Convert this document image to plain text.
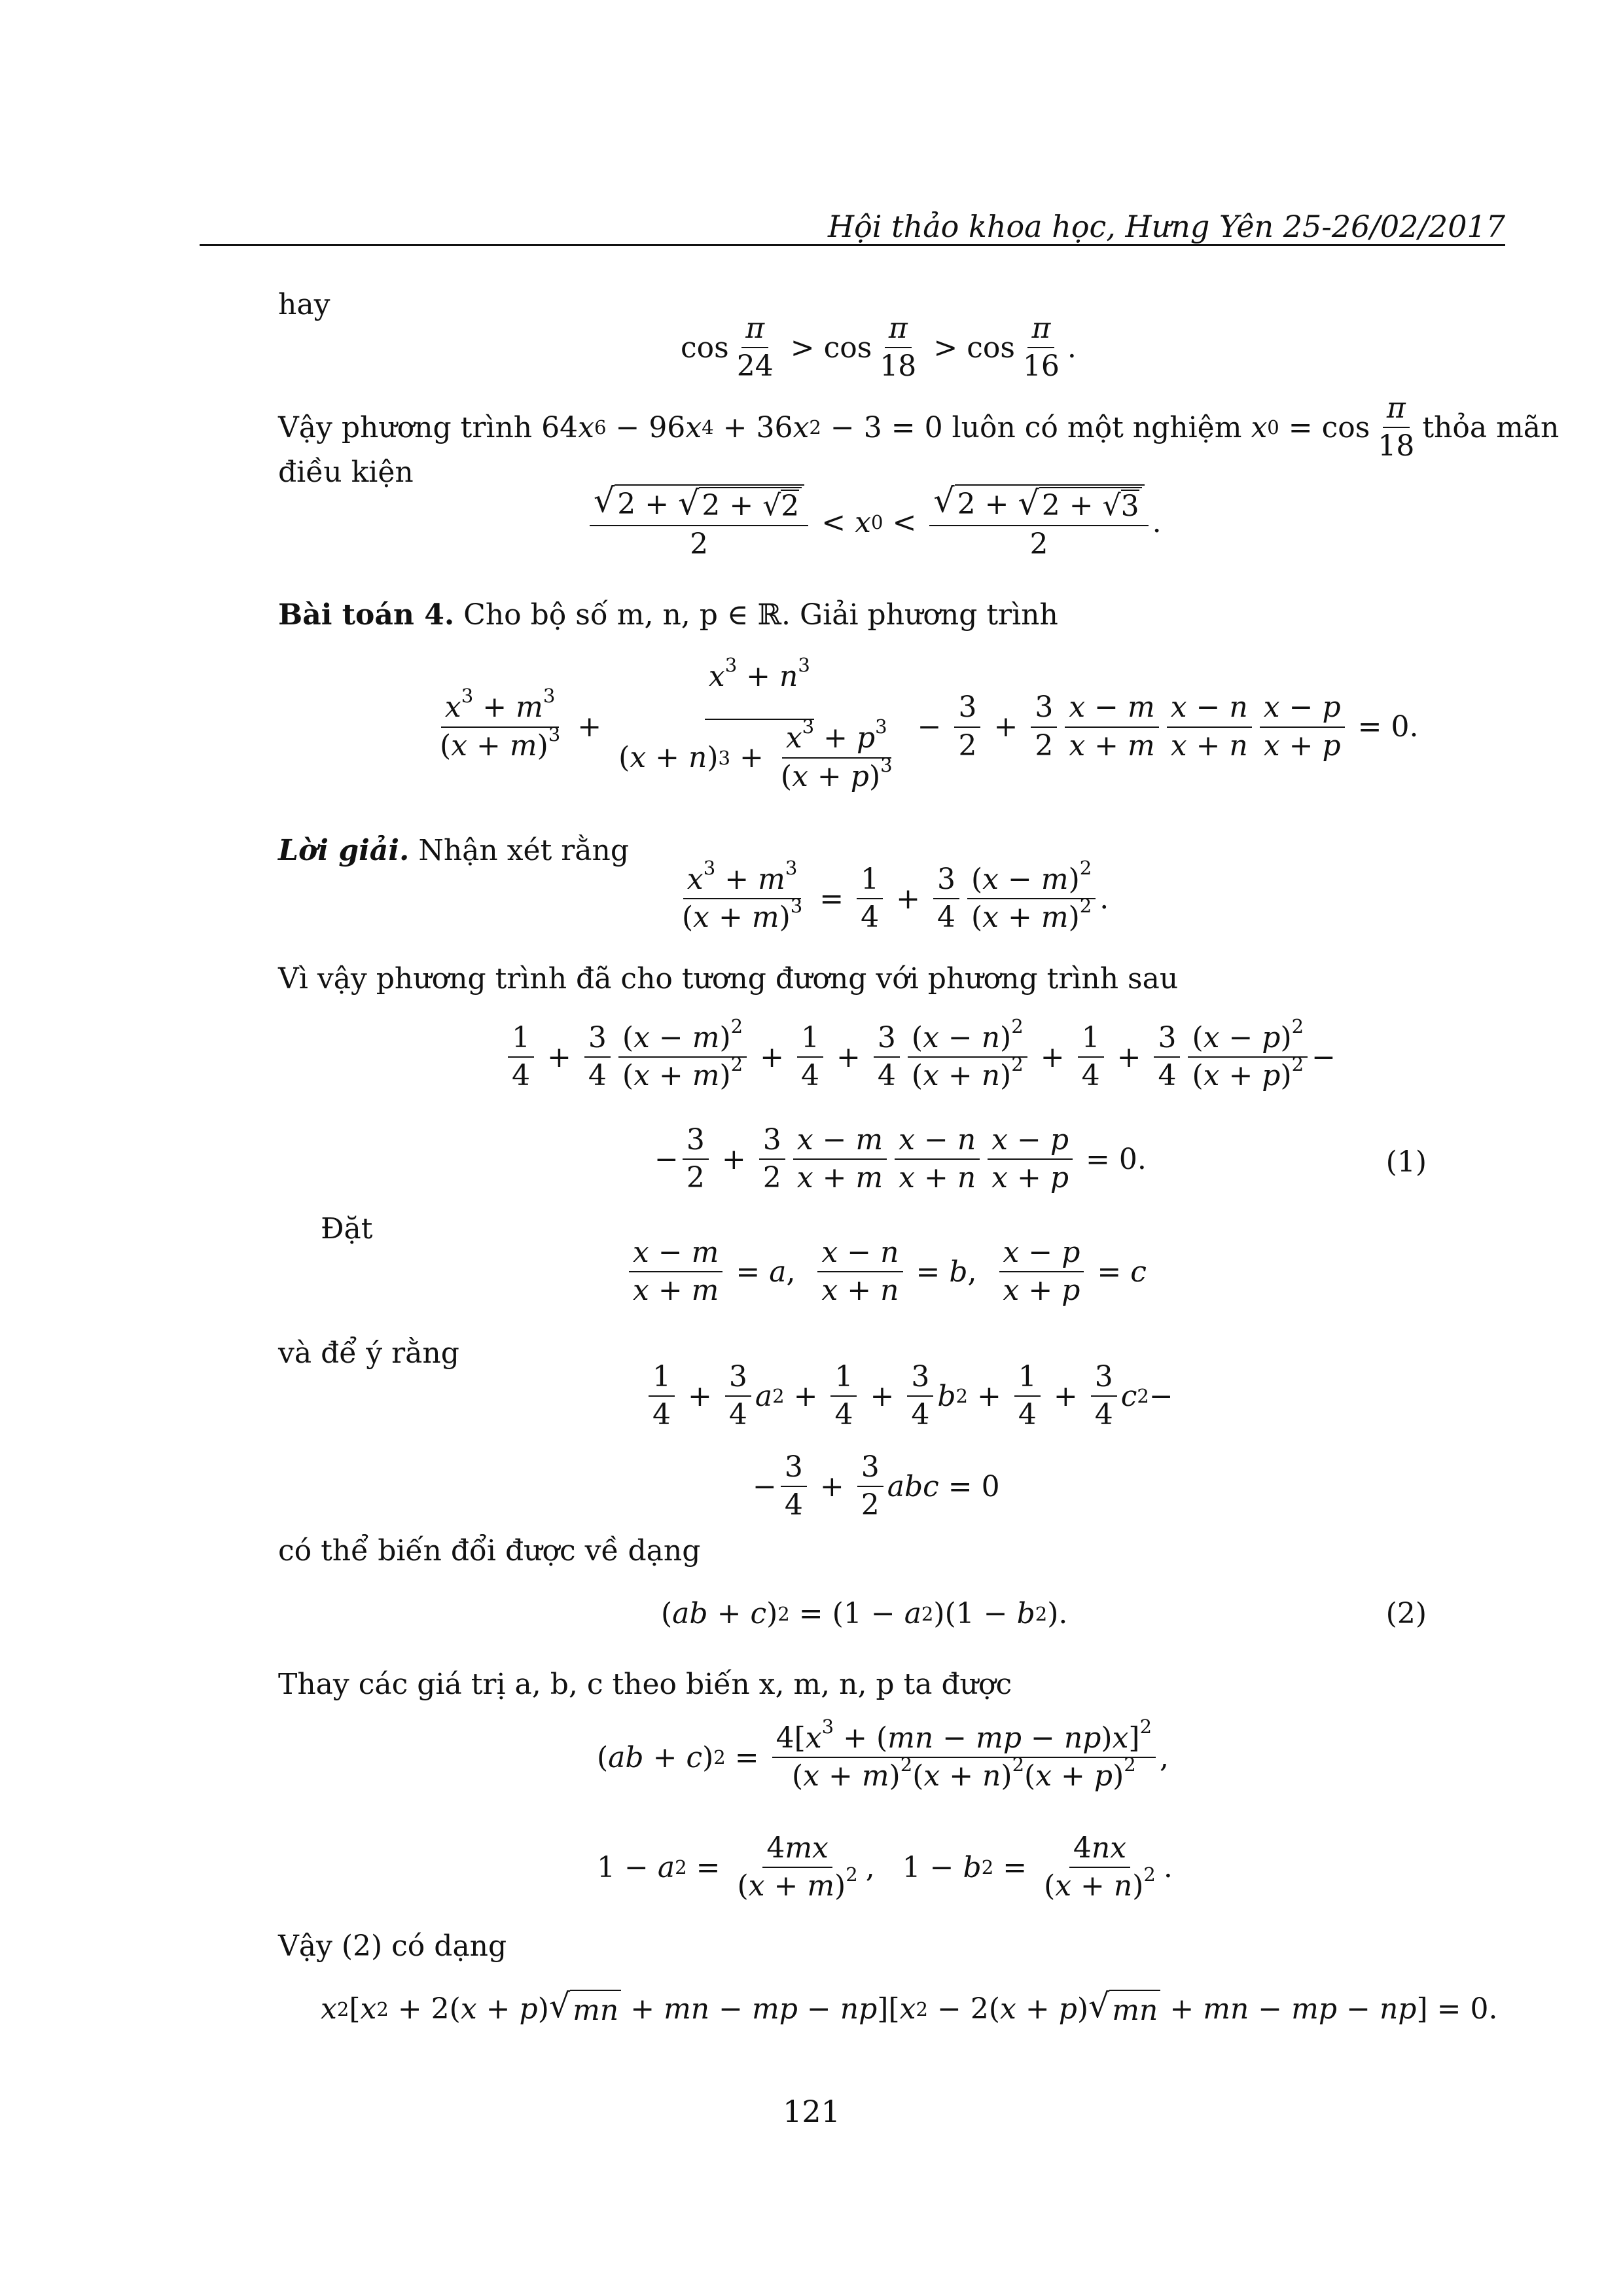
Hội thảo khoa học, Hưng Yên 25-26/02/2017
hay
$\cos \frac{\pi}{24} > \cos \frac{\pi}{18} > \cos \frac{\pi}{16}$ .
Vậy phương trình 64 x 6 − 96 x 4 + 36 x 2 − 3 = 0 luôn có một nghiệm
x $0 = \cos \frac{\pi}{18}$ thỏa mãn
điều kiện
$\frac{√ 2 + √ 2 + √ 2}{2} < x$ $0 < \frac{√ 2 + √ 2 + √ 3}{2}$ .
Bài toán 4. Cho bộ số m, n, p ∈ ℝ. Giải phương trình
$\frac{x^3 + m^3}{(x + m)^3} + \frac{x^3 + n^3}{( x + n ) 3 + \frac{x^3 + p^3}{(x + p)^3}} - \frac{3}{2} + \frac{3}{2} \frac{x - m}{x + m} \frac{x - n}{x + n} \frac{x - p}{x + p} = 0$.
Lời giải. Nhận xét rằng
$\frac{x^3 + m^3}{(x + m)^3} = \frac{1}{4} + \frac{3}{4} \frac{(x - m)^2}{(x + m)^2}$ .
Vì vậy phương trình đã cho tương đương với phương trình sau
$\frac{1}{4} + \frac{3}{4} \frac{(x - m)^2}{(x + m)^2} + \frac{1}{4} + \frac{3}{4} \frac{(x - n)^2}{(x + n)^2} + \frac{1}{4} + \frac{3}{4} \frac{(x - p)^2}{(x + p)^2}$ −
− $\frac{3}{2} + \frac{3}{2} \frac{x - m}{x + m} \frac{x - n}{x + n} \frac{x - p}{x + p} = 0$.	(1)
Đặt
$\frac{x - m}{x + m} = a$ , $\frac{x - n}{x + n} = b$ , $\frac{x - p}{x + p} = c$
và để ý rằng
$\frac{1}{4} + \frac{3}{4}$ a $2 + \frac{1}{4} + \frac{3}{4}$ b $2 + \frac{1}{4} + \frac{3}{4}$ c 2 −
− $\frac{3}{4} + \frac{3}{2}$ abc = 0
có thể biến đổi được về dạng
( ab + c ) 2 = (1 − a 2 )(1 − b 2 ).	(2)
Thay các giá trị a, b, c theo biến x, m, n, p ta được
( ab + c ) $2 = \frac{4[x^3 + (mn - mp - np)x]^2}{(x + m)^2(x + n)^2(x + p)^2}$ ,
1 − a $2 = \frac{4mx}{(x + m)^2}$ ,   1 − b $2 = \frac{4nx}{(x + n)^2}$ .
Vậy (2) có dạng
x 2 [ x 2 + 2( x + p ) √ mn + mn − mp − np ][ x 2 − 2( x + p ) √ mn + mn − mp − np ] = 0.
121
